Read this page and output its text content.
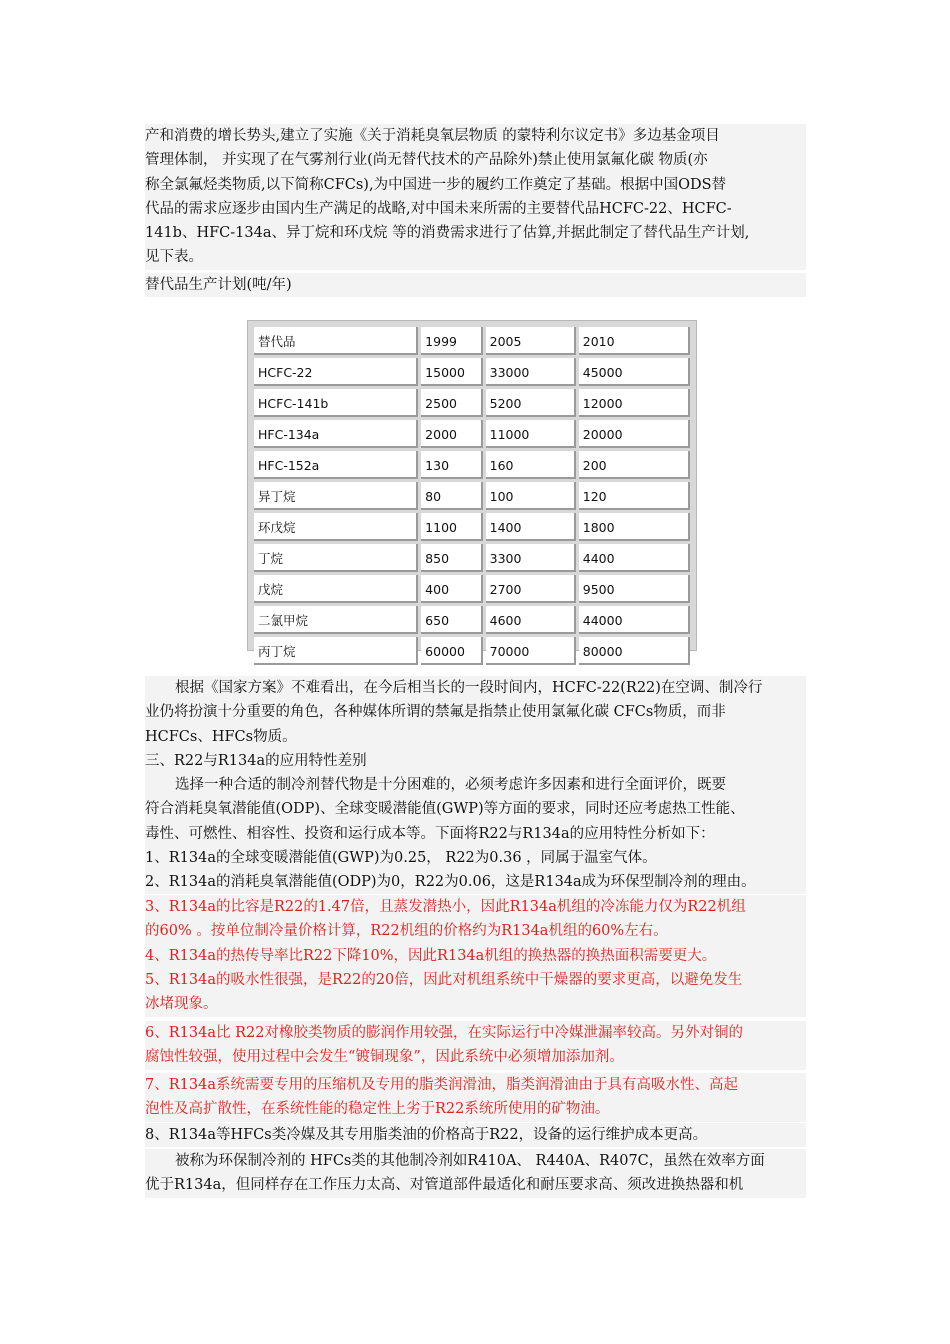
产和消费的增长势头,建立了实施《关于消耗臭氧层物质 的蒙特利尔议定书》多边基金项目
管理体制， 并实现了在气雾剂行业(尚无替代技术的产品除外)禁止使用氯氟化碳 物质(亦
称全氯氟烃类物质,以下简称CFCs),为中国进一步的履约工作奠定了基础。根据中国ODS替
代品的需求应逐步由国内生产满足的战略,对中国未来所需的主要替代品HCFC-22、HCFC-
141b、HFC-134a、异丁烷和环戊烷 等的消费需求进行了估算,并据此制定了替代品生产计划,
见下表。

替代品生产计划(吨/年)

替代品	1999	2005	2010
HCFC-22	15000	33000	45000
HCFC-141b	2500	5200	12000
HFC-134a	2000	11000	20000
HFC-152a	130	160	200
异丁烷	80	100	120
环戊烷	1100	1400	1800
丁烷	850	3300	4400
戊烷	400	2700	9500
二氯甲烷	650	4600	44000
丙丁烷	60000	70000	80000

根据《国家方案》不难看出，在今后相当长的一段时间内，HCFC-22(R22)在空调、制冷行
业仍将扮演十分重要的角色，各种媒体所谓的禁氟是指禁止使用氯氟化碳 CFCs物质，而非
HCFCs、HFCs物质。

三、R22与R134a的应用特性差别

选择一种合适的制冷剂替代物是十分困难的，必须考虑许多因素和进行全面评价，既要
符合消耗臭氧潜能值(ODP)、全球变暖潜能值(GWP)等方面的要求，同时还应考虑热工性能、
毒性、可燃性、相容性、投资和运行成本等。下面将R22与R134a的应用特性分析如下：

1、R134a的全球变暖潜能值(GWP)为0.25， R22为0.36 ，同属于温室气体。

2、R134a的消耗臭氧潜能值(ODP)为0，R22为0.06，这是R134a成为环保型制冷剂的理由。

3、R134a的比容是R22的1.47倍，且蒸发潜热小，因此R134a机组的冷冻能力仅为R22机组
的60% 。按单位制冷量价格计算，R22机组的价格约为R134a机组的60%左右。

4、R134a的热传导率比R22下降10%，因此R134a机组的换热器的换热面积需要更大。

5、R134a的吸水性很强，是R22的20倍，因此对机组系统中干燥器的要求更高，以避免发生
冰堵现象。

6、R134a比 R22对橡胶类物质的膨润作用较强，在实际运行中冷媒泄漏率较高。另外对铜的
腐蚀性较强，使用过程中会发生“镀铜现象”，因此系统中必须增加添加剂。

7、R134a系统需要专用的压缩机及专用的脂类润滑油，脂类润滑油由于具有高吸水性、高起
泡性及高扩散性，在系统性能的稳定性上劣于R22系统所使用的矿物油。

8、R134a等HFCs类冷媒及其专用脂类油的价格高于R22，设备的运行维护成本更高。

被称为环保制冷剂的 HFCs类的其他制冷剂如R410A、 R440A、R407C，虽然在效率方面
优于R134a，但同样存在工作压力太高、对管道部件最适化和耐压要求高、须改进换热器和机
